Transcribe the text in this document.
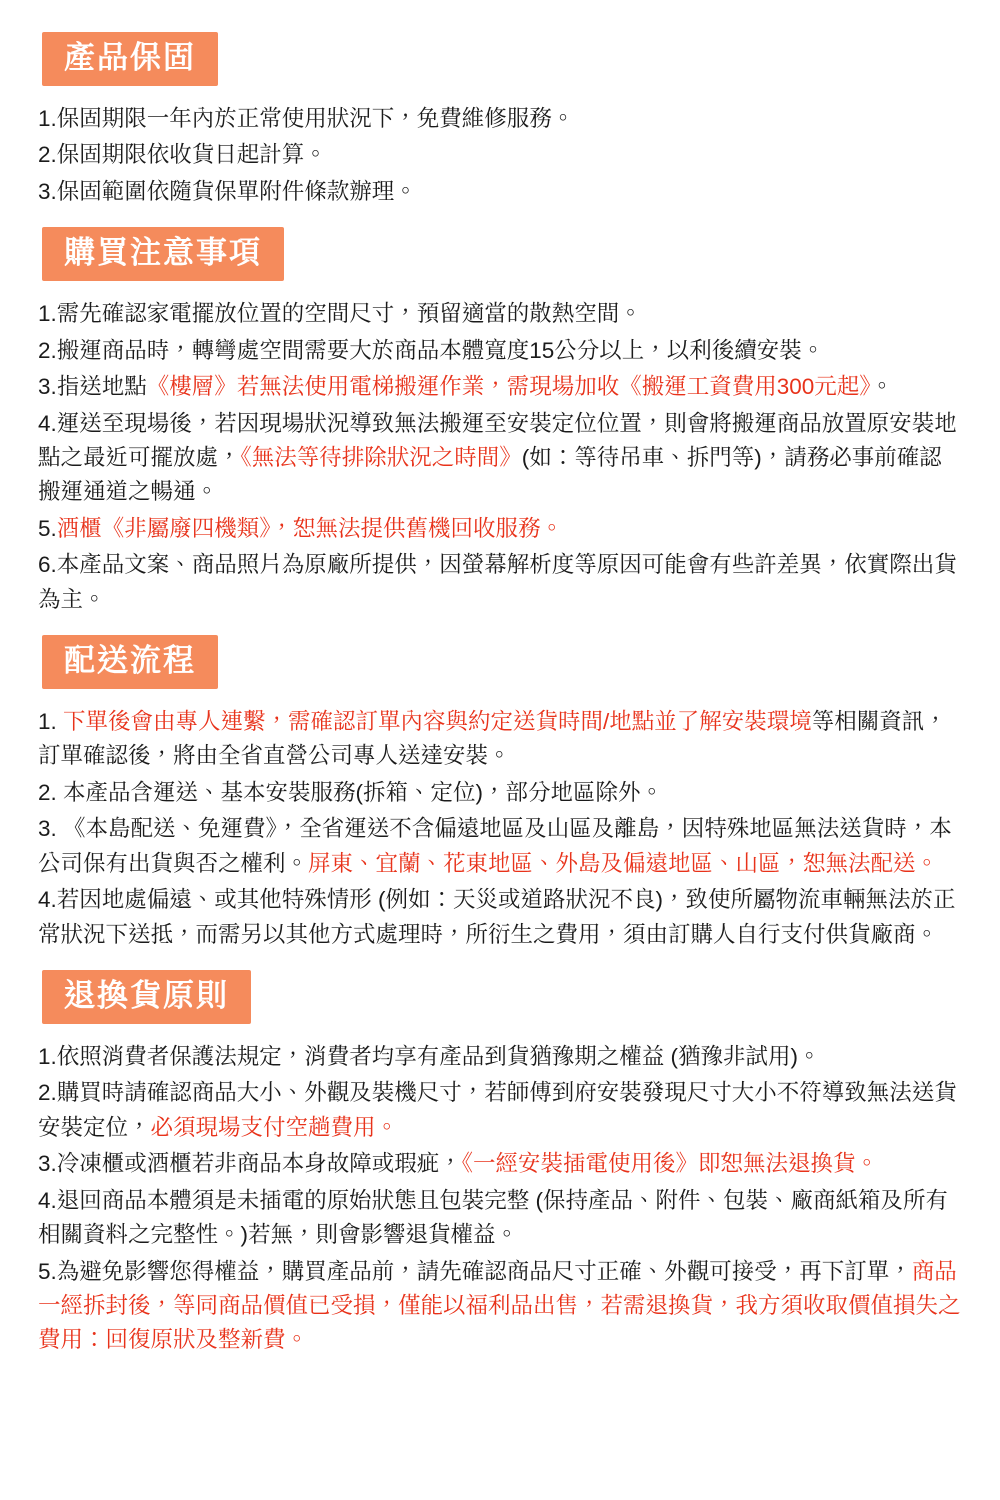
產品保固

1.保固期限一年內於正常使用狀況下，免費維修服務。

2.保固期限依收貨日起計算。

3.保固範圍依隨貨保單附件條款辦理。

購買注意事項

1.需先確認家電擺放位置的空間尺寸，預留適當的散熱空間。

2.搬運商品時，轉彎處空間需要大於商品本體寬度15公分以上，以利後續安裝。

3.指送地點《樓層》若無法使用電梯搬運作業，需現場加收《搬運工資費用300元起》。

4.運送至現場後，若因現場狀況導致無法搬運至安裝定位位置，則會將搬運商品放置原安裝地點之最近可擺放處，《無法等待排除狀況之時間》(如：等待吊車、拆門等)，請務必事前確認搬運通道之暢通。

5.酒櫃《非屬廢四機類》，恕無法提供舊機回收服務。

6.本產品文案、商品照片為原廠所提供，因螢幕解析度等原因可能會有些許差異，依實際出貨為主。

配送流程

1. 下單後會由專人連繫，需確認訂單內容與約定送貨時間/地點並了解安裝環境等相關資訊，訂單確認後，將由全省直營公司專人送達安裝。

2. 本產品含運送、基本安裝服務(拆箱、定位)，部分地區除外。

3. 《本島配送、免運費》，全省運送不含偏遠地區及山區及離島，因特殊地區無法送貨時，本公司保有出貨與否之權利。屏東、宜蘭、花東地區、外島及偏遠地區、山區，恕無法配送。

4.若因地處偏遠、或其他特殊情形 (例如：天災或道路狀況不良)，致使所屬物流車輛無法於正常狀況下送抵，而需另以其他方式處理時，所衍生之費用，須由訂購人自行支付供貨廠商。

退換貨原則

1.依照消費者保護法規定，消費者均享有產品到貨猶豫期之權益 (猶豫非試用)。

2.購買時請確認商品大小、外觀及裝機尺寸，若師傅到府安裝發現尺寸大小不符導致無法送貨安裝定位，必須現場支付空趟費用。

3.冷凍櫃或酒櫃若非商品本身故障或瑕疵，《一經安裝插電使用後》即恕無法退換貨。

4.退回商品本體須是未插電的原始狀態且包裝完整 (保持產品、附件、包裝、廠商紙箱及所有相關資料之完整性。)若無，則會影響退貨權益。

5.為避免影響您得權益，購買產品前，請先確認商品尺寸正確、外觀可接受，再下訂單，商品一經拆封後，等同商品價值已受損，僅能以福利品出售，若需退換貨，我方須收取價值損失之費用：回復原狀及整新費。
